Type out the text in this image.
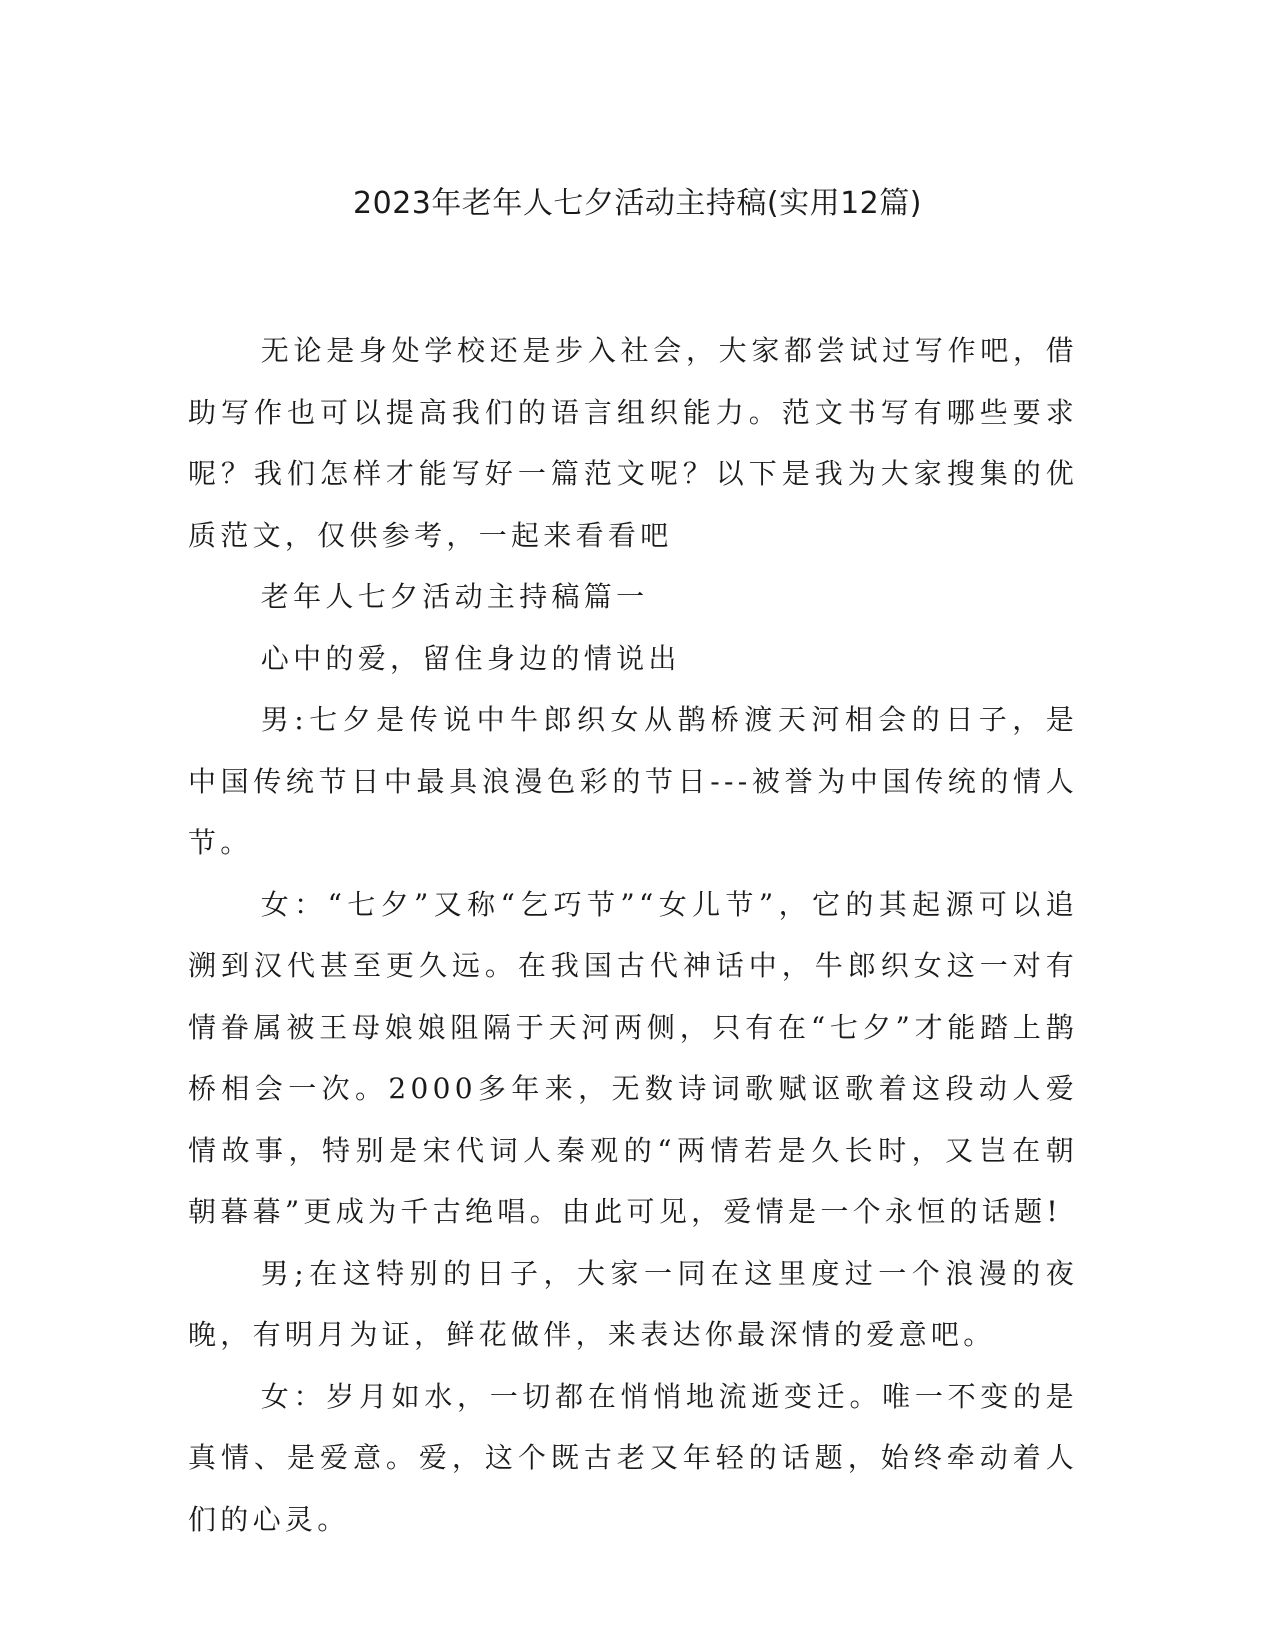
2023年老年人七夕活动主持稿(实用12篇)

无论是身处学校还是步入社会，大家都尝试过写作吧，借助写作也可以提高我们的语言组织能力。范文书写有哪些要求呢？我们怎样才能写好一篇范文呢？以下是我为大家搜集的优质范文，仅供参考，一起来看看吧

老年人七夕活动主持稿篇一

心中的爱，留住身边的情说出

男:七夕是传说中牛郎织女从鹊桥渡天河相会的日子，是中国传统节日中最具浪漫色彩的节日---被誉为中国传统的情人节。

女：“七夕”又称“乞巧节”“女儿节”，它的其起源可以追溯到汉代甚至更久远。在我国古代神话中，牛郎织女这一对有情眷属被王母娘娘阻隔于天河两侧，只有在“七夕”才能踏上鹊桥相会一次。2000多年来，无数诗词歌赋讴歌着这段动人爱情故事，特别是宋代词人秦观的“两情若是久长时，又岂在朝朝暮暮”更成为千古绝唱。由此可见，爱情是一个永恒的话题!

男;在这特别的日子，大家一同在这里度过一个浪漫的夜晚，有明月为证，鲜花做伴，来表达你最深情的爱意吧。

女：岁月如水，一切都在悄悄地流逝变迁。唯一不变的是真情、是爱意。爱，这个既古老又年轻的话题，始终牵动着人们的心灵。
